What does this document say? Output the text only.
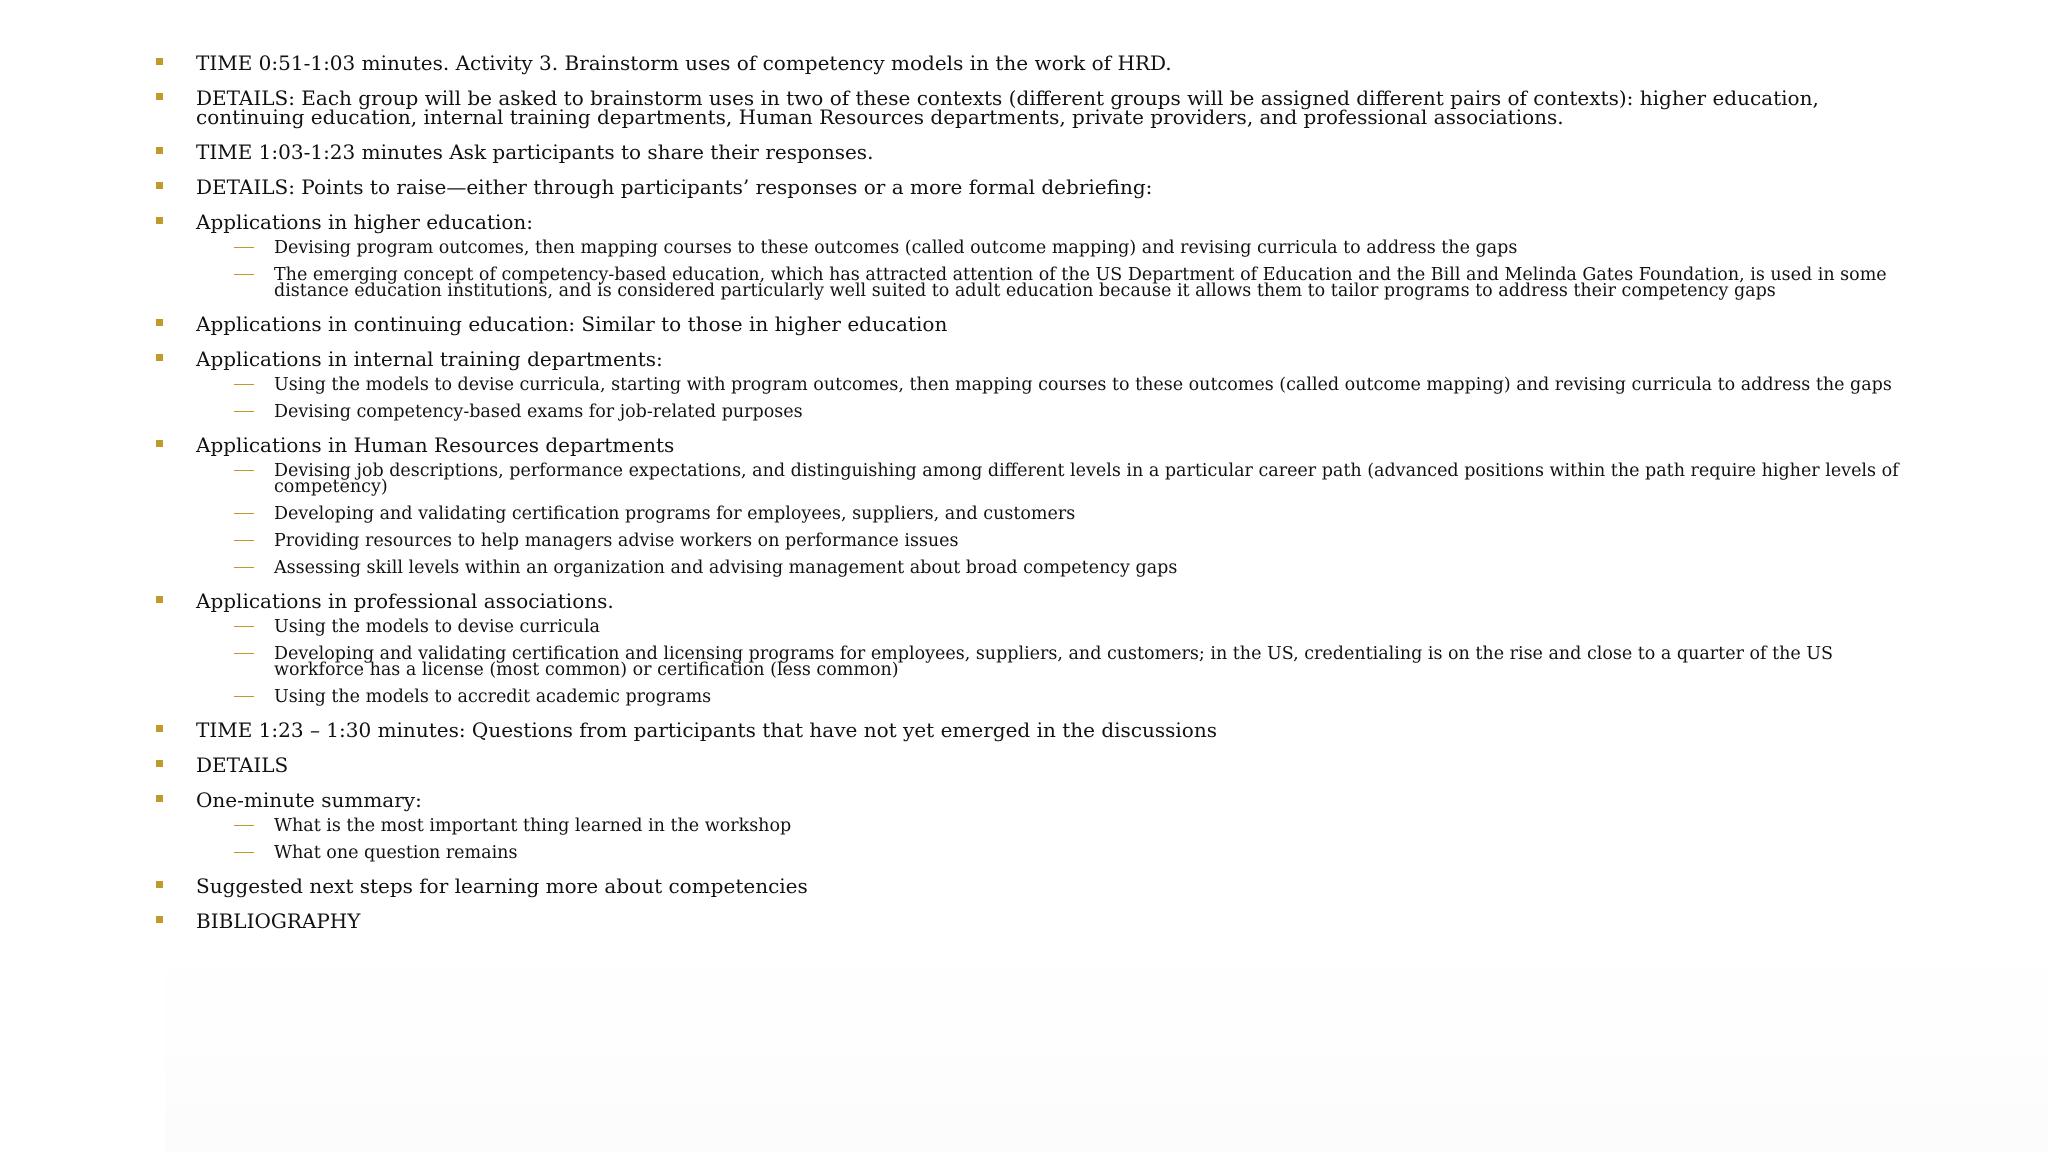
TIME 0:51-1:03 minutes. Activity 3. Brainstorm uses of competency models in the work of HRD.
DETAILS: Each group will be asked to brainstorm uses in two of these contexts (different groups will be assigned different pairs of contexts): higher education, continuing education, internal training departments, Human Resources departments, private providers, and professional associations.
TIME 1:03-1:23 minutes Ask participants to share their responses.
DETAILS: Points to raise—either through participants’ responses or a more formal debriefing:
Applications in higher education:
Devising program outcomes, then mapping courses to these outcomes (called outcome mapping) and revising curricula to address the gaps
The emerging concept of competency-based education, which has attracted attention of the US Department of Education and the Bill and Melinda Gates Foundation, is used in some distance education institutions, and is considered particularly well suited to adult education because it allows them to tailor programs to address their competency gaps
Applications in continuing education: Similar to those in higher education
Applications in internal training departments:
Using the models to devise curricula, starting with program outcomes, then mapping courses to these outcomes (called outcome mapping) and revising curricula to address the gaps
Devising competency-based exams for job-related purposes
Applications in Human Resources departments
Devising job descriptions, performance expectations, and distinguishing among different levels in a particular career path (advanced positions within the path require higher levels of competency)
Developing and validating certification programs for employees, suppliers, and customers
Providing resources to help managers advise workers on performance issues
Assessing skill levels within an organization and advising management about broad competency gaps
Applications in professional associations.
Using the models to devise curricula
Developing and validating certification and licensing programs for employees, suppliers, and customers; in the US, credentialing is on the rise and close to a quarter of the US workforce has a license (most common) or certification (less common)
Using the models to accredit academic programs
TIME 1:23 – 1:30 minutes: Questions from participants that have not yet emerged in the discussions
DETAILS
One-minute summary:
What is the most important thing learned in the workshop
What one question remains
Suggested next steps for learning more about competencies
BIBLIOGRAPHY
